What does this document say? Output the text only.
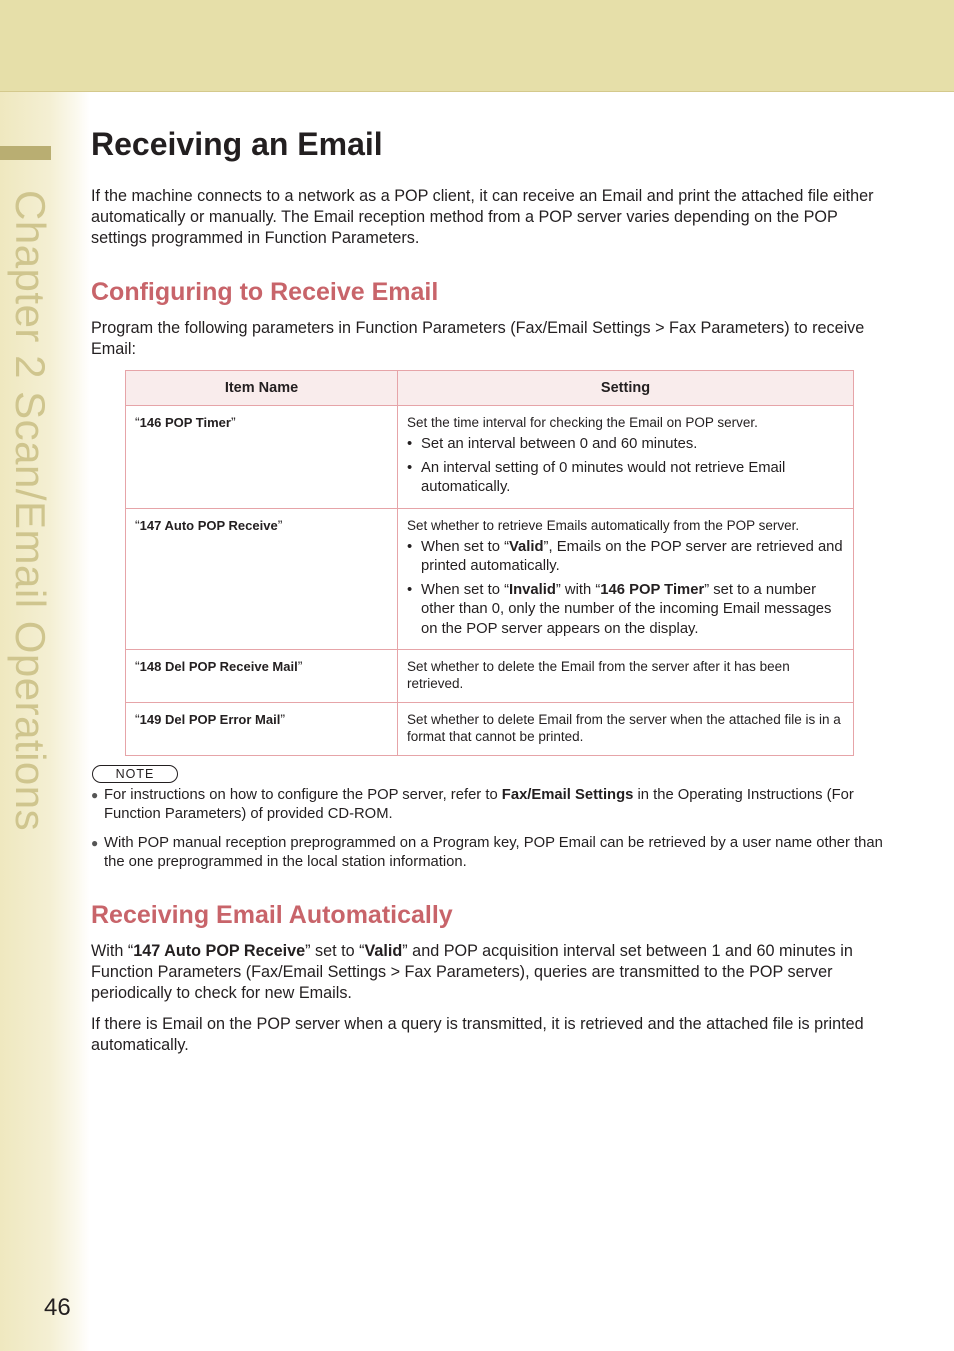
Chapter 2 Scan/Email Operations
46
Receiving an Email

If the machine connects to a network as a POP client, it can receive an Email and print the attached file either automatically or manually. The Email reception method from a POP server varies depending on the POP settings programmed in Function Parameters.

Configuring to Receive Email

Program the following parameters in Function Parameters (Fax/Email Settings > Fax Parameters) to receive Email:

Item Name	Setting
“146 POP Timer”	Set the time interval for checking the Email on POP server.
• Set an interval between 0 and 60 minutes.
• An interval setting of 0 minutes would not retrieve Email automatically.

“147 Auto POP Receive”	Set whether to retrieve Emails automatically from the POP server.
• When set to “Valid”, Emails on the POP server are retrieved and printed automatically.
• When set to “Invalid” with “146 POP Timer” set to a number other than 0, only the number of the incoming Email messages on the POP server appears on the display.

“148 Del POP Receive Mail”	Set whether to delete the Email from the server after it has been retrieved.

“149 Del POP Error Mail”	Set whether to delete Email from the server when the attached file is in a format that cannot be printed.
NOTE
● For instructions on how to configure the POP server, refer to Fax/Email Settings in the Operating Instructions (For Function Parameters) of provided CD-ROM.
● With POP manual reception preprogrammed on a Program key, POP Email can be retrieved by a user name other than the one preprogrammed in the local station information.
Receiving Email Automatically

With “147 Auto POP Receive” set to “Valid” and POP acquisition interval set between 1 and 60 minutes in Function Parameters (Fax/Email Settings > Fax Parameters), queries are transmitted to the POP server periodically to check for new Emails.

If there is Email on the POP server when a query is transmitted, it is retrieved and the attached file is printed automatically.
